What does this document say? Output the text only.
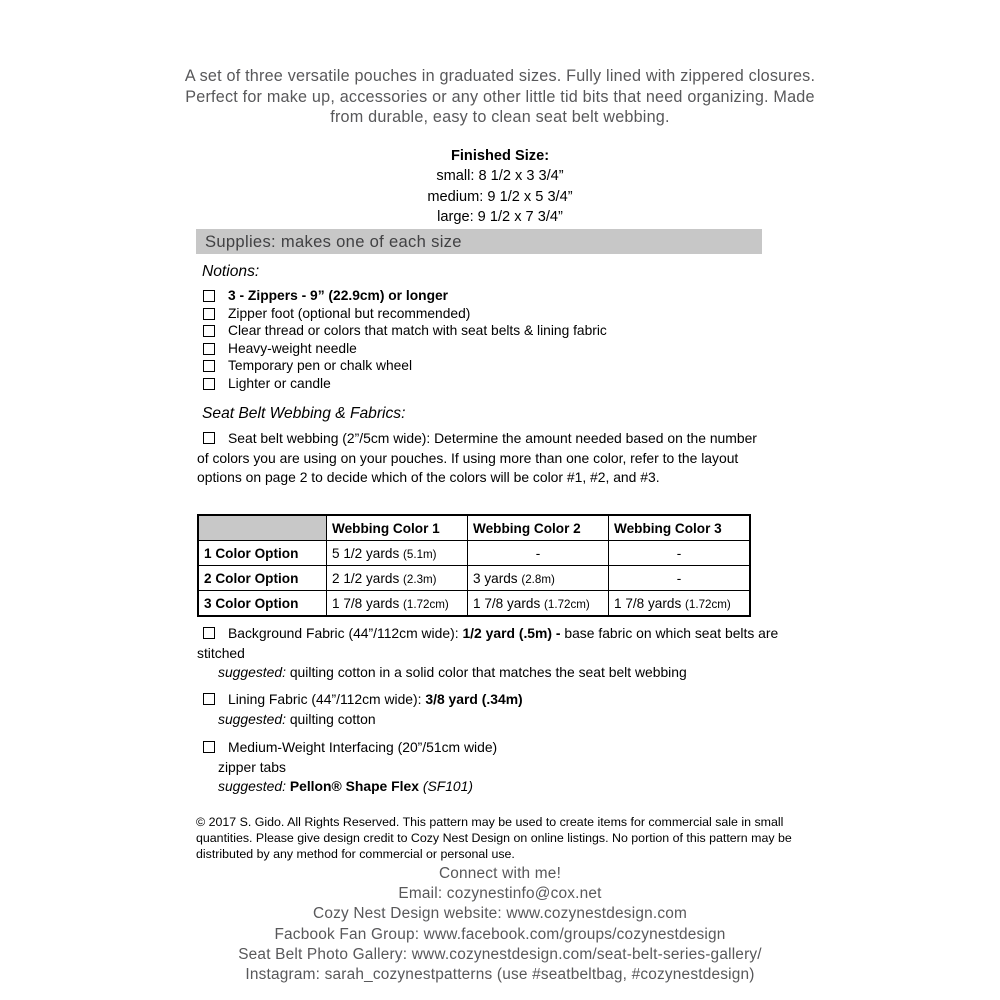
A set of three versatile pouches in graduated sizes. Fully lined with zippered closures. Perfect for make up, accessories or any other little tid bits that need organizing. Made from durable, easy to clean seat belt webbing.

Finished Size:
small: 8 1/2 x 3 3/4”
medium: 9 1/2 x 5 3/4”
large: 9 1/2 x 7 3/4”
Supplies: makes one of each size
Notions:
3 - Zippers - 9” (22.9cm) or longer
Zipper foot (optional but recommended)
Clear thread or colors that match with seat belts & lining fabric
Heavy-weight needle
Temporary pen or chalk wheel
Lighter or candle
Seat Belt Webbing & Fabrics:
Seat belt webbing (2”/5cm wide): Determine the amount needed based on the number of colors you are using on your pouches. If using more than one color, refer to the layout options on page 2 to decide which of the colors will be color #1, #2, and #3.
	Webbing Color 1	Webbing Color 2	Webbing Color 3
1 Color Option	5 1/2 yards (5.1m)	-	-
2 Color Option	2 1/2 yards (2.3m)	3 yards (2.8m)	-
3 Color Option	1 7/8 yards (1.72cm)	1 7/8 yards (1.72cm)	1 7/8 yards (1.72cm)
Background Fabric (44”/112cm wide): 1/2 yard (.5m) - base fabric on which seat belts are stitched
suggested: quilting cotton in a solid color that matches the seat belt webbing
Lining Fabric (44”/112cm wide): 3/8 yard (.34m)
suggested: quilting cotton
Medium-Weight Interfacing (20”/51cm wide)
zipper tabs
suggested: Pellon® Shape Flex (SF101)

© 2017 S. Gido. All Rights Reserved. This pattern may be used to create items for commercial sale in small quantities. Please give design credit to Cozy Nest Design on online listings. No portion of this pattern may be distributed by any method for commercial or personal use.

Connect with me!
Email: cozynestinfo@cox.net
Cozy Nest Design website: www.cozynestdesign.com
Facbook Fan Group: www.facebook.com/groups/cozynestdesign
Seat Belt Photo Gallery: www.cozynestdesign.com/seat-belt-series-gallery/
Instagram: sarah_cozynestpatterns (use #seatbeltbag, #cozynestdesign)
